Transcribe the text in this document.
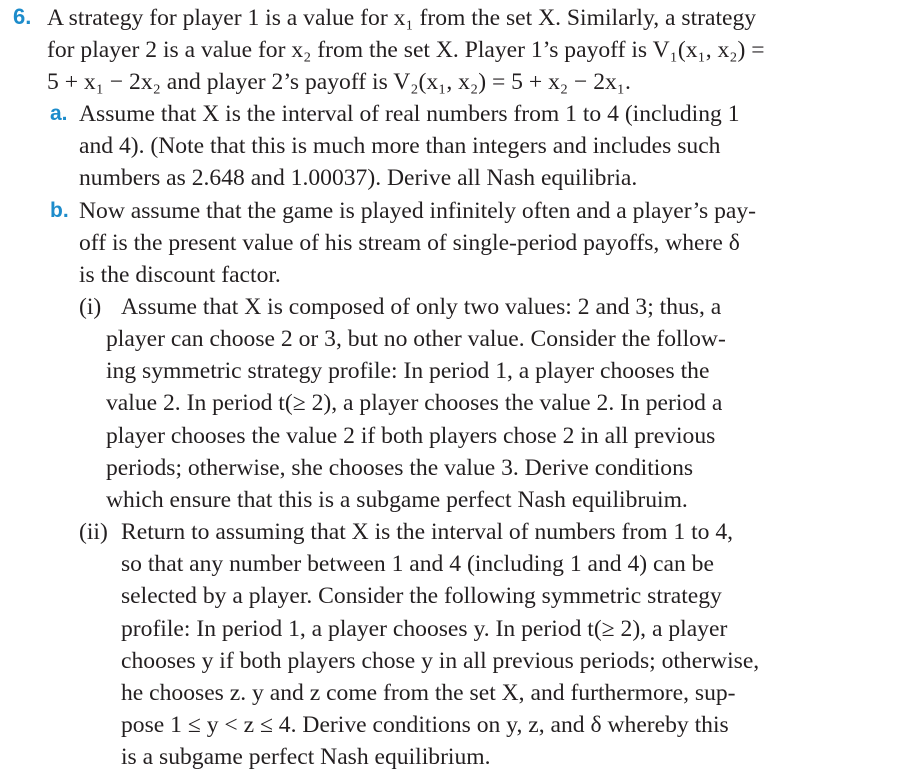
6. A strategy for player 1 is a value for x₁ from the set X. Similarly, a strategy
for player 2 is a value for x₂ from the set X. Player 1’s payoff is V₁(x₁, x₂) =
5 + x₁ − 2x₂ and player 2’s payoff is V₂(x₁, x₂) = 5 + x₂ − 2x₁.
a. Assume that X is the interval of real numbers from 1 to 4 (including 1
and 4). (Note that this is much more than integers and includes such
numbers as 2.648 and 1.00037). Derive all Nash equilibria.
b. Now assume that the game is played infinitely often and a player’s pay-
off is the present value of his stream of single-period payoffs, where δ
is the discount factor.
(i) Assume that X is composed of only two values: 2 and 3; thus, a
player can choose 2 or 3, but no other value. Consider the follow-
ing symmetric strategy profile: In period 1, a player chooses the
value 2. In period t(≥ 2), a player chooses the value 2. In period a
player chooses the value 2 if both players chose 2 in all previous
periods; otherwise, she chooses the value 3. Derive conditions
which ensure that this is a subgame perfect Nash equilibruim.
(ii) Return to assuming that X is the interval of numbers from 1 to 4,
so that any number between 1 and 4 (including 1 and 4) can be
selected by a player. Consider the following symmetric strategy
profile: In period 1, a player chooses y. In period t(≥ 2), a player
chooses y if both players chose y in all previous periods; otherwise,
he chooses z. y and z come from the set X, and furthermore, sup-
pose 1 ≤ y < z ≤ 4. Derive conditions on y, z, and δ whereby this
is a subgame perfect Nash equilibrium.
